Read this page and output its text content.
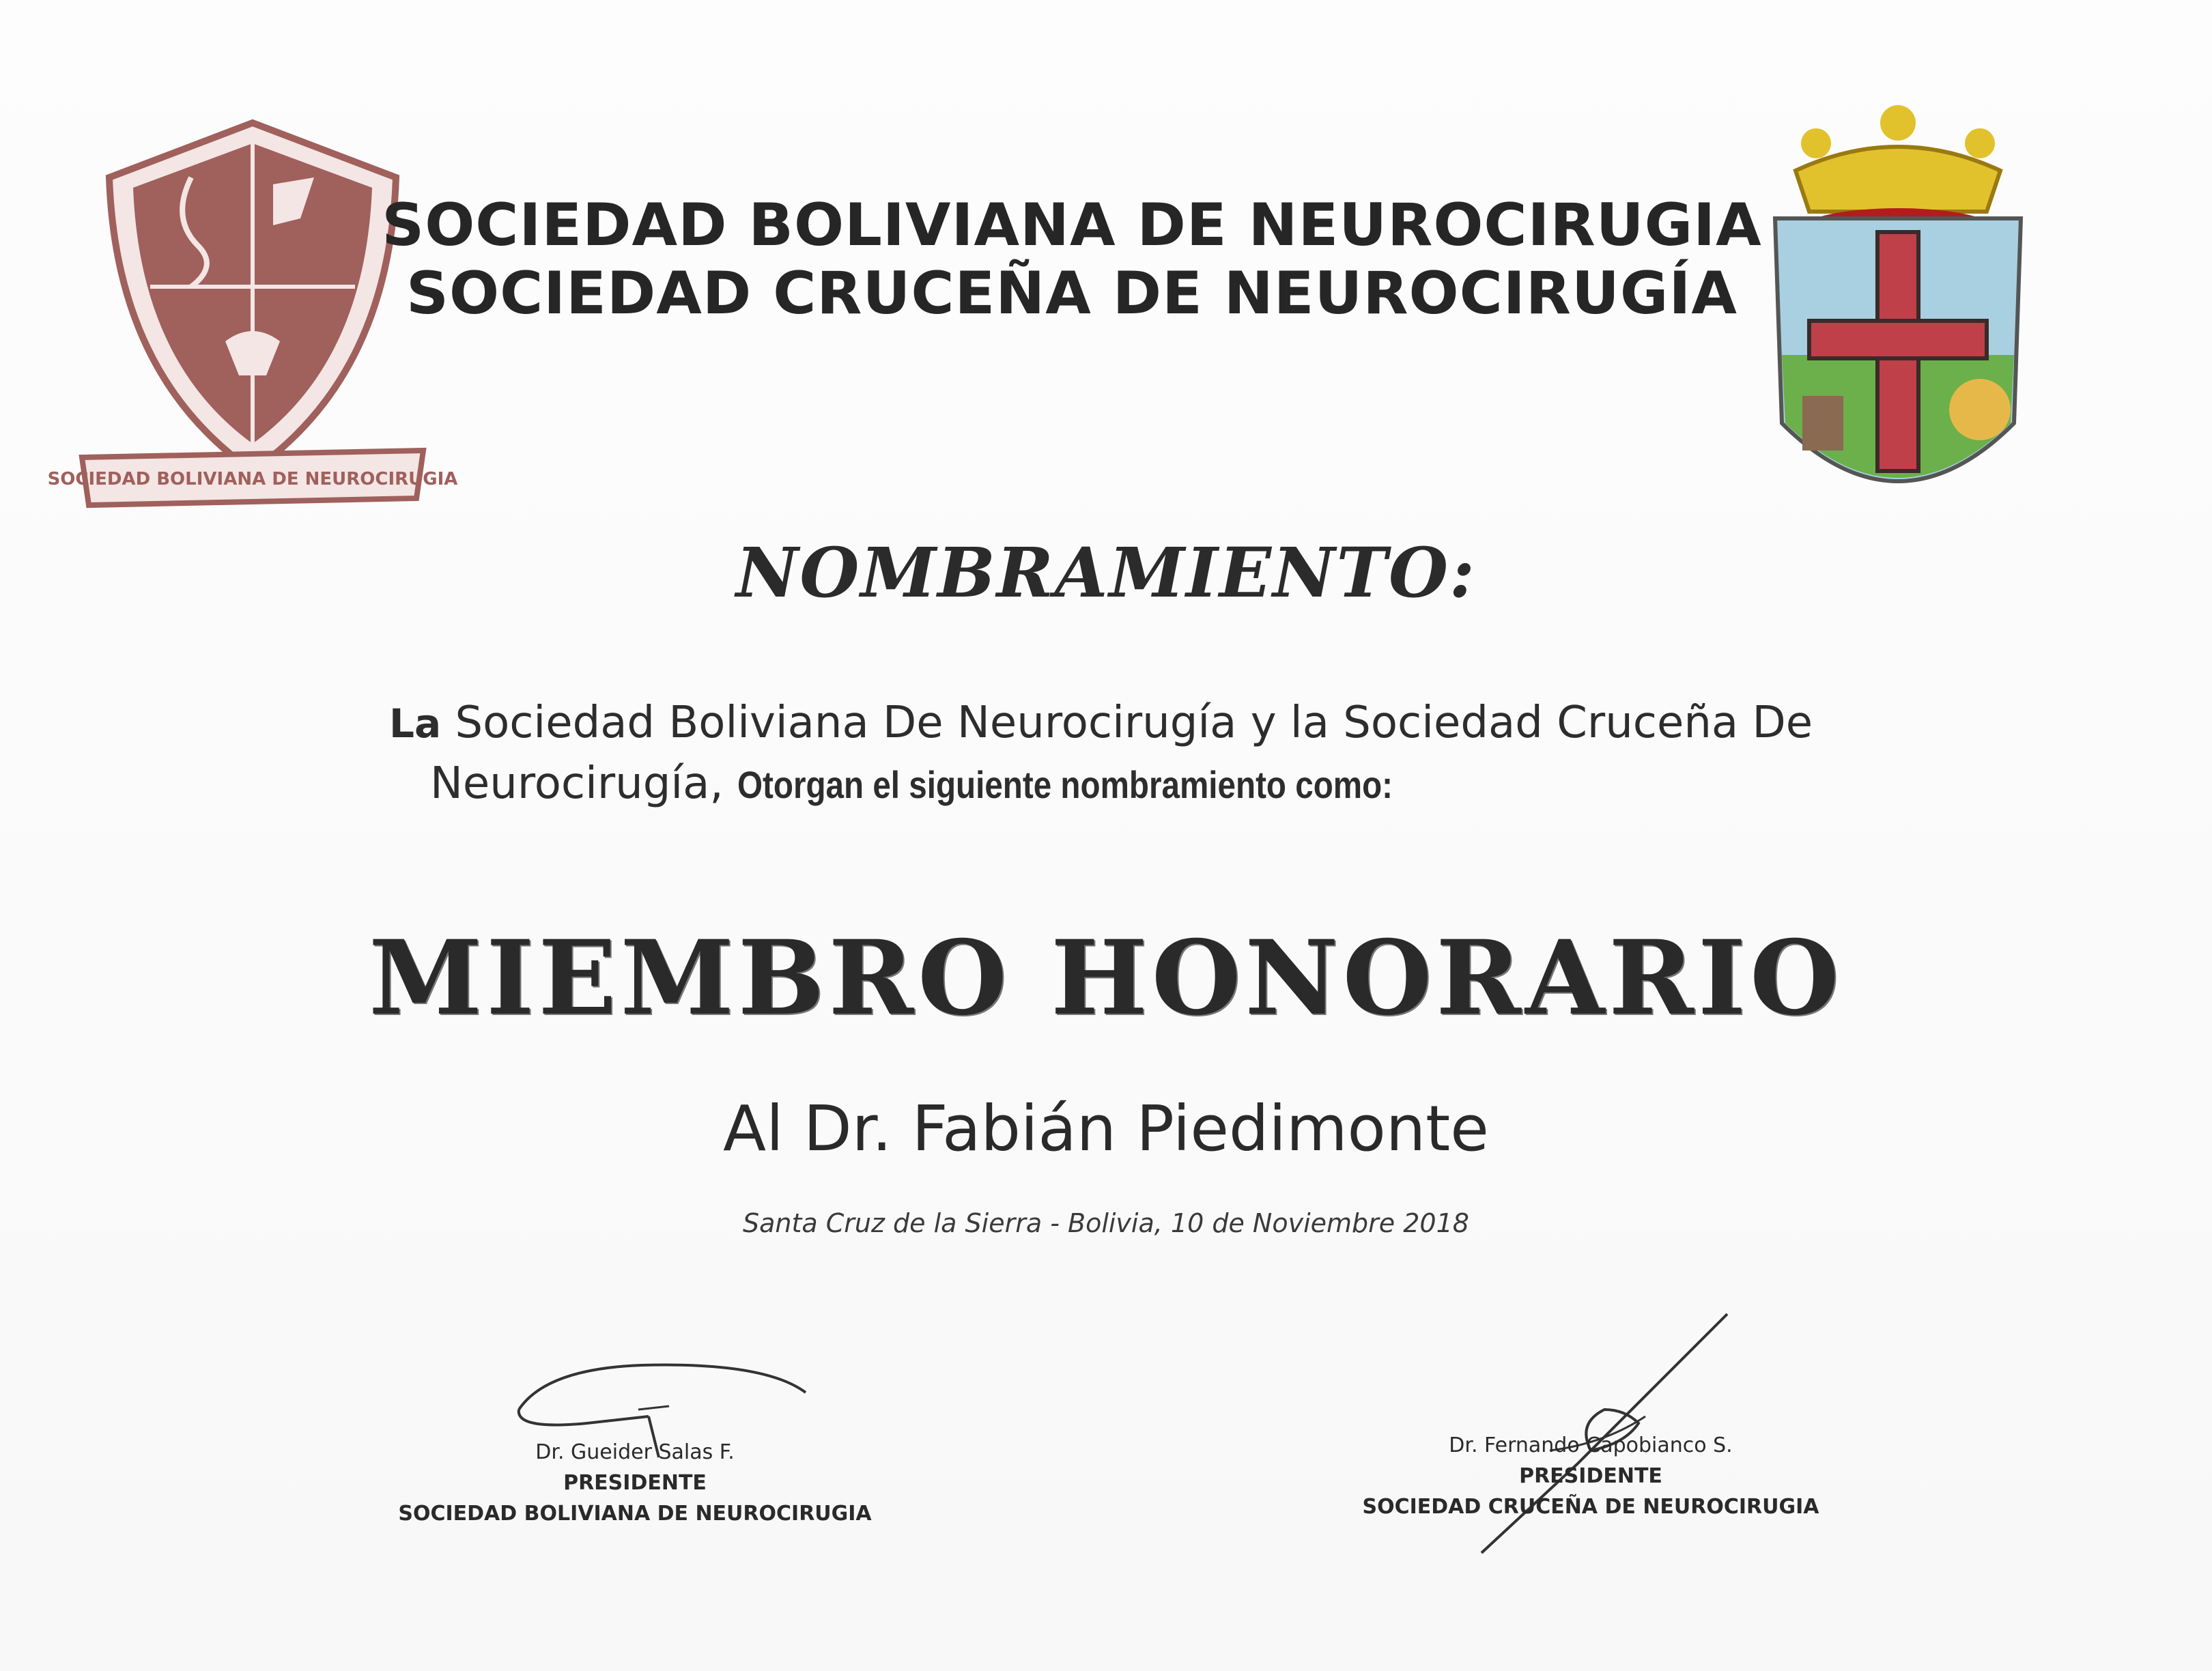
SOCIEDAD BOLIVIANA DE NEUROCIRUGIA
SOCIEDAD BOLIVIANA DE NEUROCIRUGIA
SOCIEDAD CRUCEÑA DE NEUROCIRUGÍA
NOMBRAMIENTO:
La Sociedad Boliviana De Neurocirugía y la Sociedad Cruceña De
Neurocirugía, Otorgan el siguiente nombramiento como:
MIEMBRO HONORARIO
Al Dr. Fabián Piedimonte
Santa Cruz de la Sierra - Bolivia, 10 de Noviembre 2018
Dr. Gueider Salas F.
PRESIDENTE
SOCIEDAD BOLIVIANA DE NEUROCIRUGIA
Dr. Fernando Capobianco S.
PRESIDENTE
SOCIEDAD CRUCEÑA DE NEUROCIRUGIA
